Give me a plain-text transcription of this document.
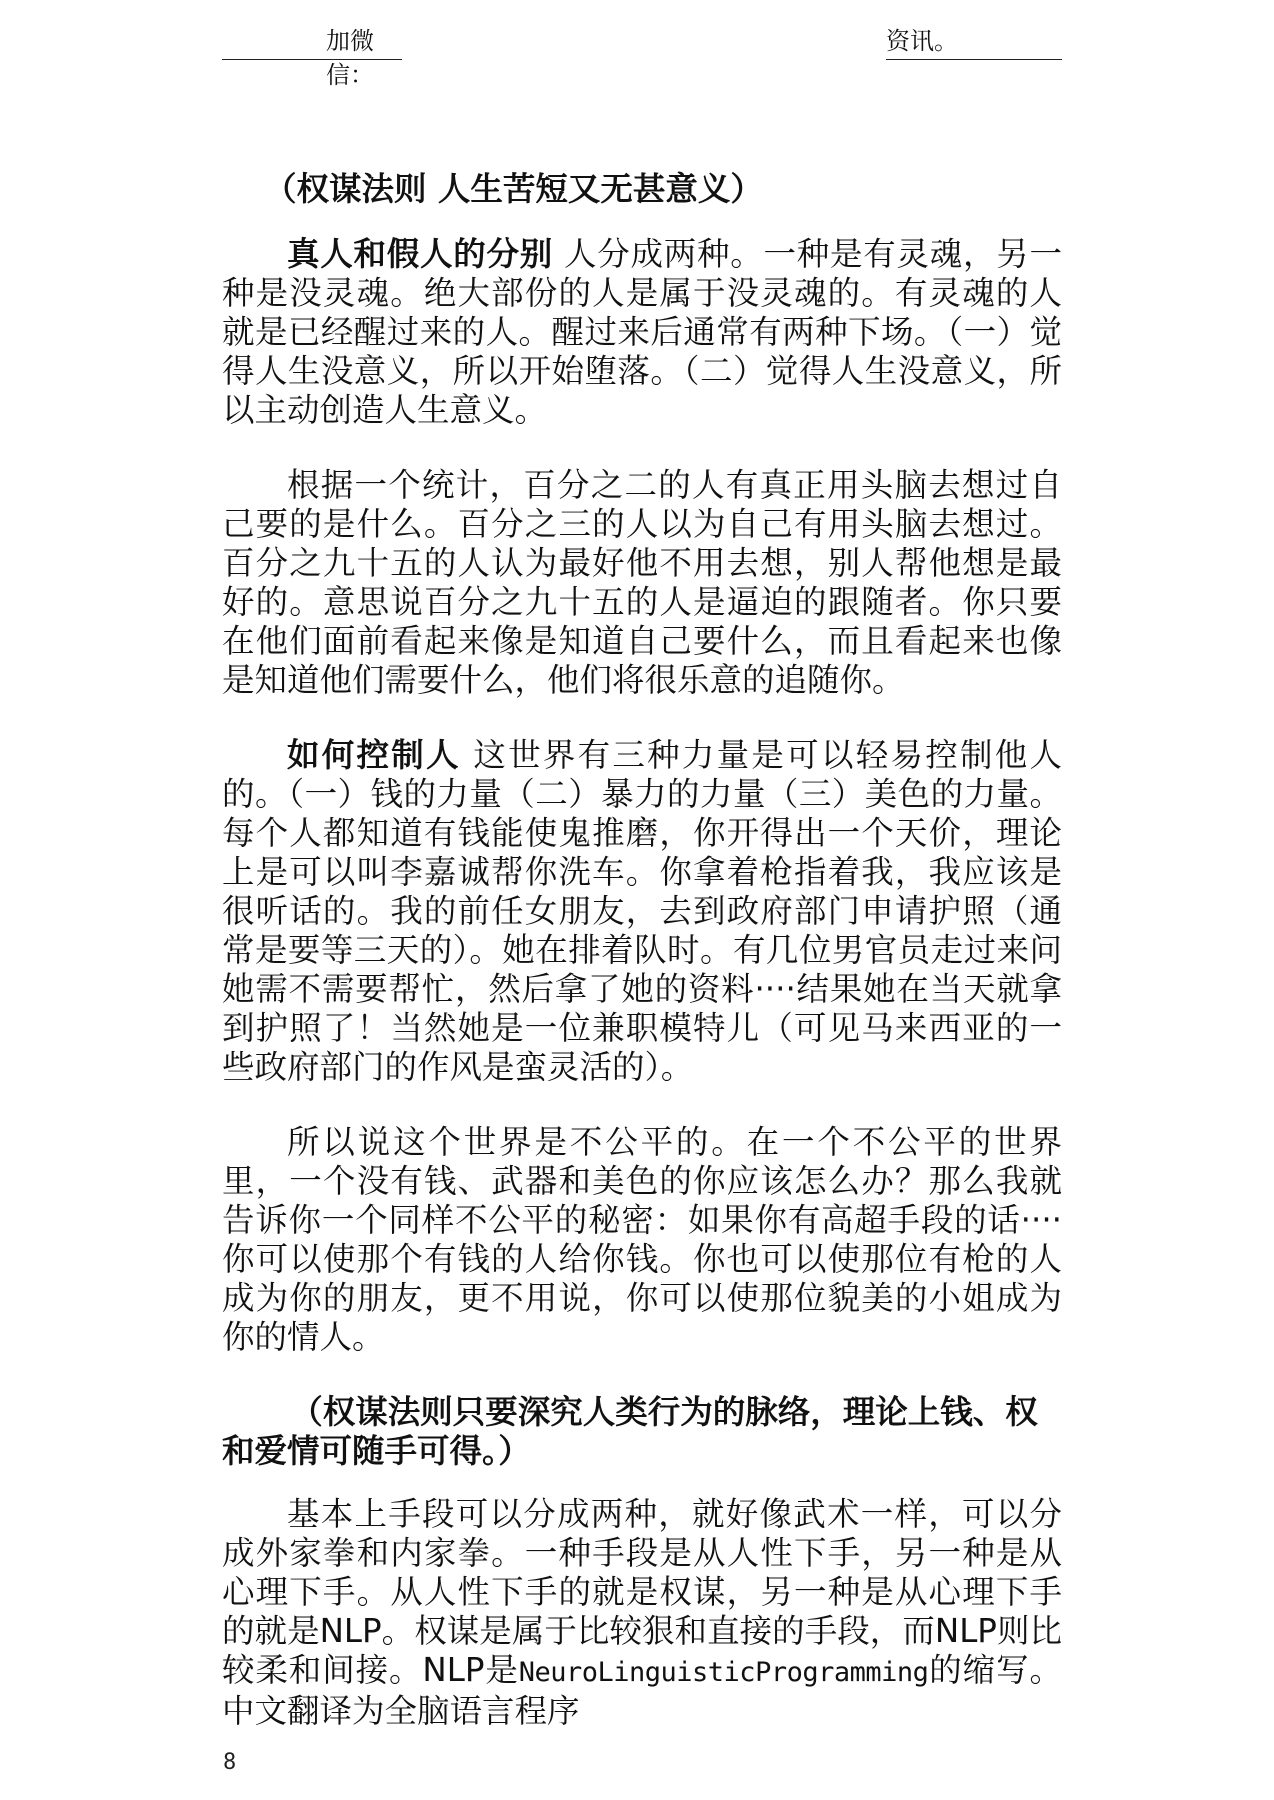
加微信：
资讯。

（权谋法则 人生苦短又无甚意义）

真人和假人的分别 人分成两种。一种是有灵魂，另一种是没灵魂。绝大部份的人是属于没灵魂的。有灵魂的人就是已经醒过来的人。醒过来后通常有两种下场。（一）觉得人生没意义，所以开始堕落。（二）觉得人生没意义，所以主动创造人生意义。

根据一个统计，百分之二的人有真正用头脑去想过自己要的是什么。百分之三的人以为自己有用头脑去想过。百分之九十五的人认为最好他不用去想，别人帮他想是最好的。意思说百分之九十五的人是逼迫的跟随者。你只要在他们面前看起来像是知道自己要什么，而且看起来也像是知道他们需要什么，他们将很乐意的追随你。

如何控制人 这世界有三种力量是可以轻易控制他人的。（一）钱的力量（二）暴力的力量（三）美色的力量。每个人都知道有钱能使鬼推磨，你开得出一个天价，理论上是可以叫李嘉诚帮你洗车。你拿着枪指着我，我应该是很听话的。我的前任女朋友，去到政府部门申请护照（通常是要等三天的）。她在排着队时。有几位男官员走过来问她需不需要帮忙，然后拿了她的资料····结果她在当天就拿到护照了！当然她是一位兼职模特儿（可见马来西亚的一些政府部门的作风是蛮灵活的）。

所以说这个世界是不公平的。在一个不公平的世界里，一个没有钱、武器和美色的你应该怎么办？那么我就告诉你一个同样不公平的秘密：如果你有高超手段的话····你可以使那个有钱的人给你钱。你也可以使那位有枪的人成为你的朋友，更不用说，你可以使那位貌美的小姐成为你的情人。

（权谋法则只要深究人类行为的脉络，理论上钱、权和爱情可随手可得。）

基本上手段可以分成两种，就好像武术一样，可以分成外家拳和内家拳。一种手段是从人性下手，另一种是从心理下手。从人性下手的就是权谋，另一种是从心理下手的就是NLP。权谋是属于比较狠和直接的手段，而NLP则比较柔和间接。NLP是NeuroLinguisticProgramming的缩写。中文翻译为全脑语言程序

8
